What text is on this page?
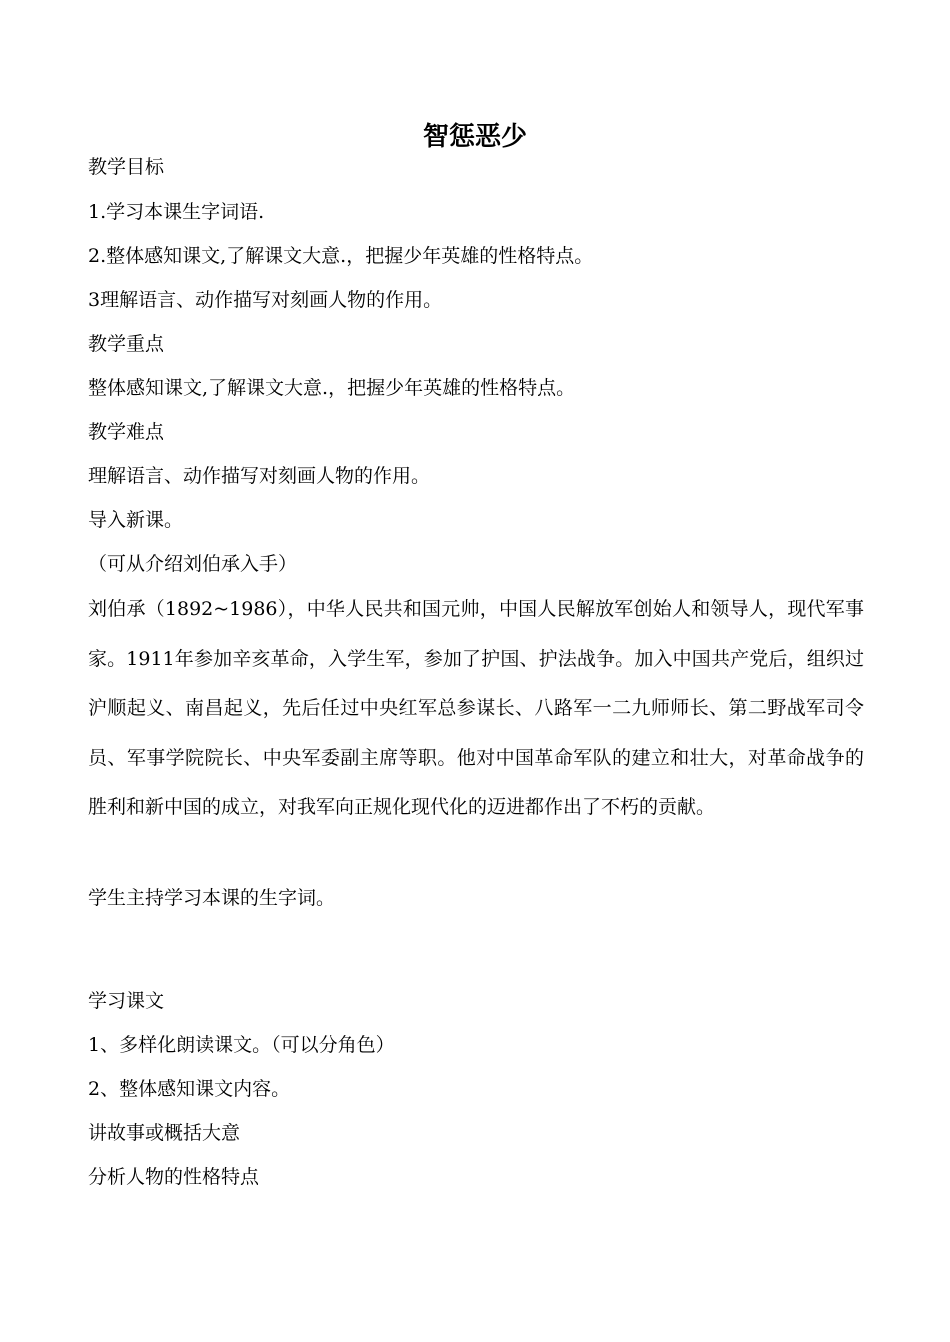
智惩恶少

教学目标

1.学习本课生字词语.

2.整体感知课文,了解课文大意.，把握少年英雄的性格特点。

3理解语言、动作描写对刻画人物的作用。

教学重点

整体感知课文,了解课文大意.，把握少年英雄的性格特点。

教学难点

理解语言、动作描写对刻画人物的作用。

导入新课。

（可从介绍刘伯承入手）

刘伯承（1892~1986），中华人民共和国元帅，中国人民解放军创始人和领导人，现代军事家。1911年参加辛亥革命，入学生军，参加了护国、护法战争。加入中国共产党后，组织过沪顺起义、南昌起义，先后任过中央红军总参谋长、八路军一二九师师长、第二野战军司令员、军事学院院长、中央军委副主席等职。他对中国革命军队的建立和壮大，对革命战争的胜利和新中国的成立，对我军向正规化现代化的迈进都作出了不朽的贡献。

学生主持学习本课的生字词。

学习课文

1、多样化朗读课文。（可以分角色）

2、整体感知课文内容。

讲故事或概括大意

分析人物的性格特点
